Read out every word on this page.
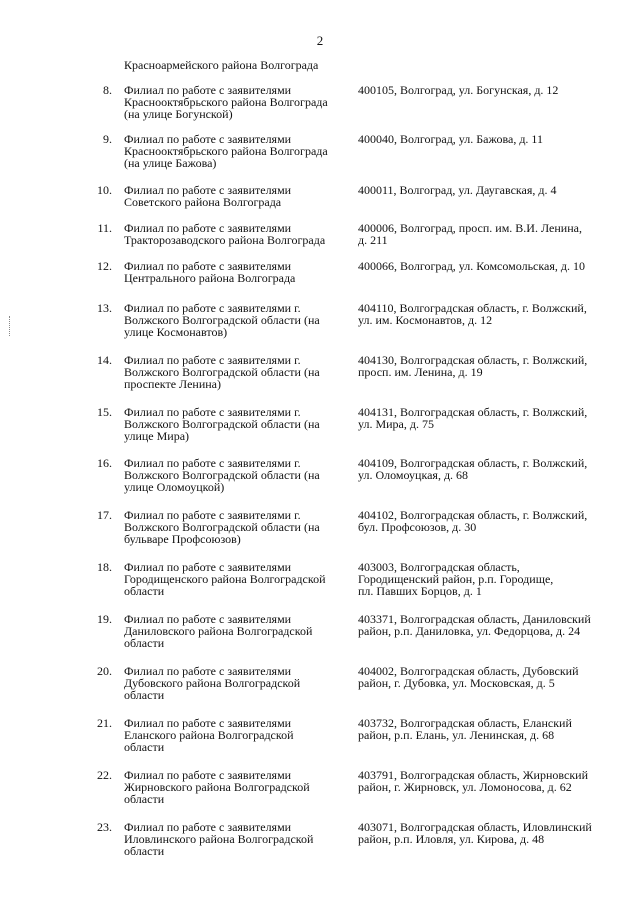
2
Красноармейского района Волгограда
8. Филиал по работе с заявителями
Краснооктябрьского района Волгограда
(на улице Богунской)
400105, Волгоград, ул. Богунская, д. 12
9. Филиал по работе с заявителями
Краснооктябрьского района Волгограда
(на улице Бажова)
400040, Волгоград, ул. Бажова, д. 11
10. Филиал по работе с заявителями
Советского района Волгограда
400011, Волгоград, ул. Даугавская, д. 4
11. Филиал по работе с заявителями
Тракторозаводского района Волгограда
400006, Волгоград, просп. им. В.И. Ленина,
д. 211
12. Филиал по работе с заявителями
Центрального района Волгограда
400066, Волгоград, ул. Комсомольская, д. 10
13. Филиал по работе с заявителями г.
Волжского Волгоградской области (на
улице Космонавтов)
404110, Волгоградская область, г. Волжский,
ул. им. Космонавтов, д. 12
14. Филиал по работе с заявителями г.
Волжского Волгоградской области (на
проспекте Ленина)
404130, Волгоградская область, г. Волжский,
просп. им. Ленина, д. 19
15. Филиал по работе с заявителями г.
Волжского Волгоградской области (на
улице Мира)
404131, Волгоградская область, г. Волжский,
ул. Мира, д. 75
16. Филиал по работе с заявителями г.
Волжского Волгоградской области (на
улице Оломоуцкой)
404109, Волгоградская область, г. Волжский,
ул. Оломоуцкая, д. 68
17. Филиал по работе с заявителями г.
Волжского Волгоградской области (на
бульваре Профсоюзов)
404102, Волгоградская область, г. Волжский,
бул. Профсоюзов, д. 30
18. Филиал по работе с заявителями
Городищенского района Волгоградской
области
403003, Волгоградская область,
Городищенский район, р.п. Городище,
пл. Павших Борцов, д. 1
19. Филиал по работе с заявителями
Даниловского района Волгоградской
области
403371, Волгоградская область, Даниловский
район, р.п. Даниловка, ул. Федорцова, д. 24
20. Филиал по работе с заявителями
Дубовского района Волгоградской
области
404002, Волгоградская область, Дубовский
район, г. Дубовка, ул. Московская, д. 5
21. Филиал по работе с заявителями
Еланского района Волгоградской
области
403732, Волгоградская область, Еланский
район, р.п. Елань, ул. Ленинская, д. 68
22. Филиал по работе с заявителями
Жирновского района Волгоградской
области
403791, Волгоградская область, Жирновский
район, г. Жирновск, ул. Ломоносова, д. 62
23. Филиал по работе с заявителями
Иловлинского района Волгоградской
области
403071, Волгоградская область, Иловлинский
район, р.п. Иловля, ул. Кирова, д. 48
